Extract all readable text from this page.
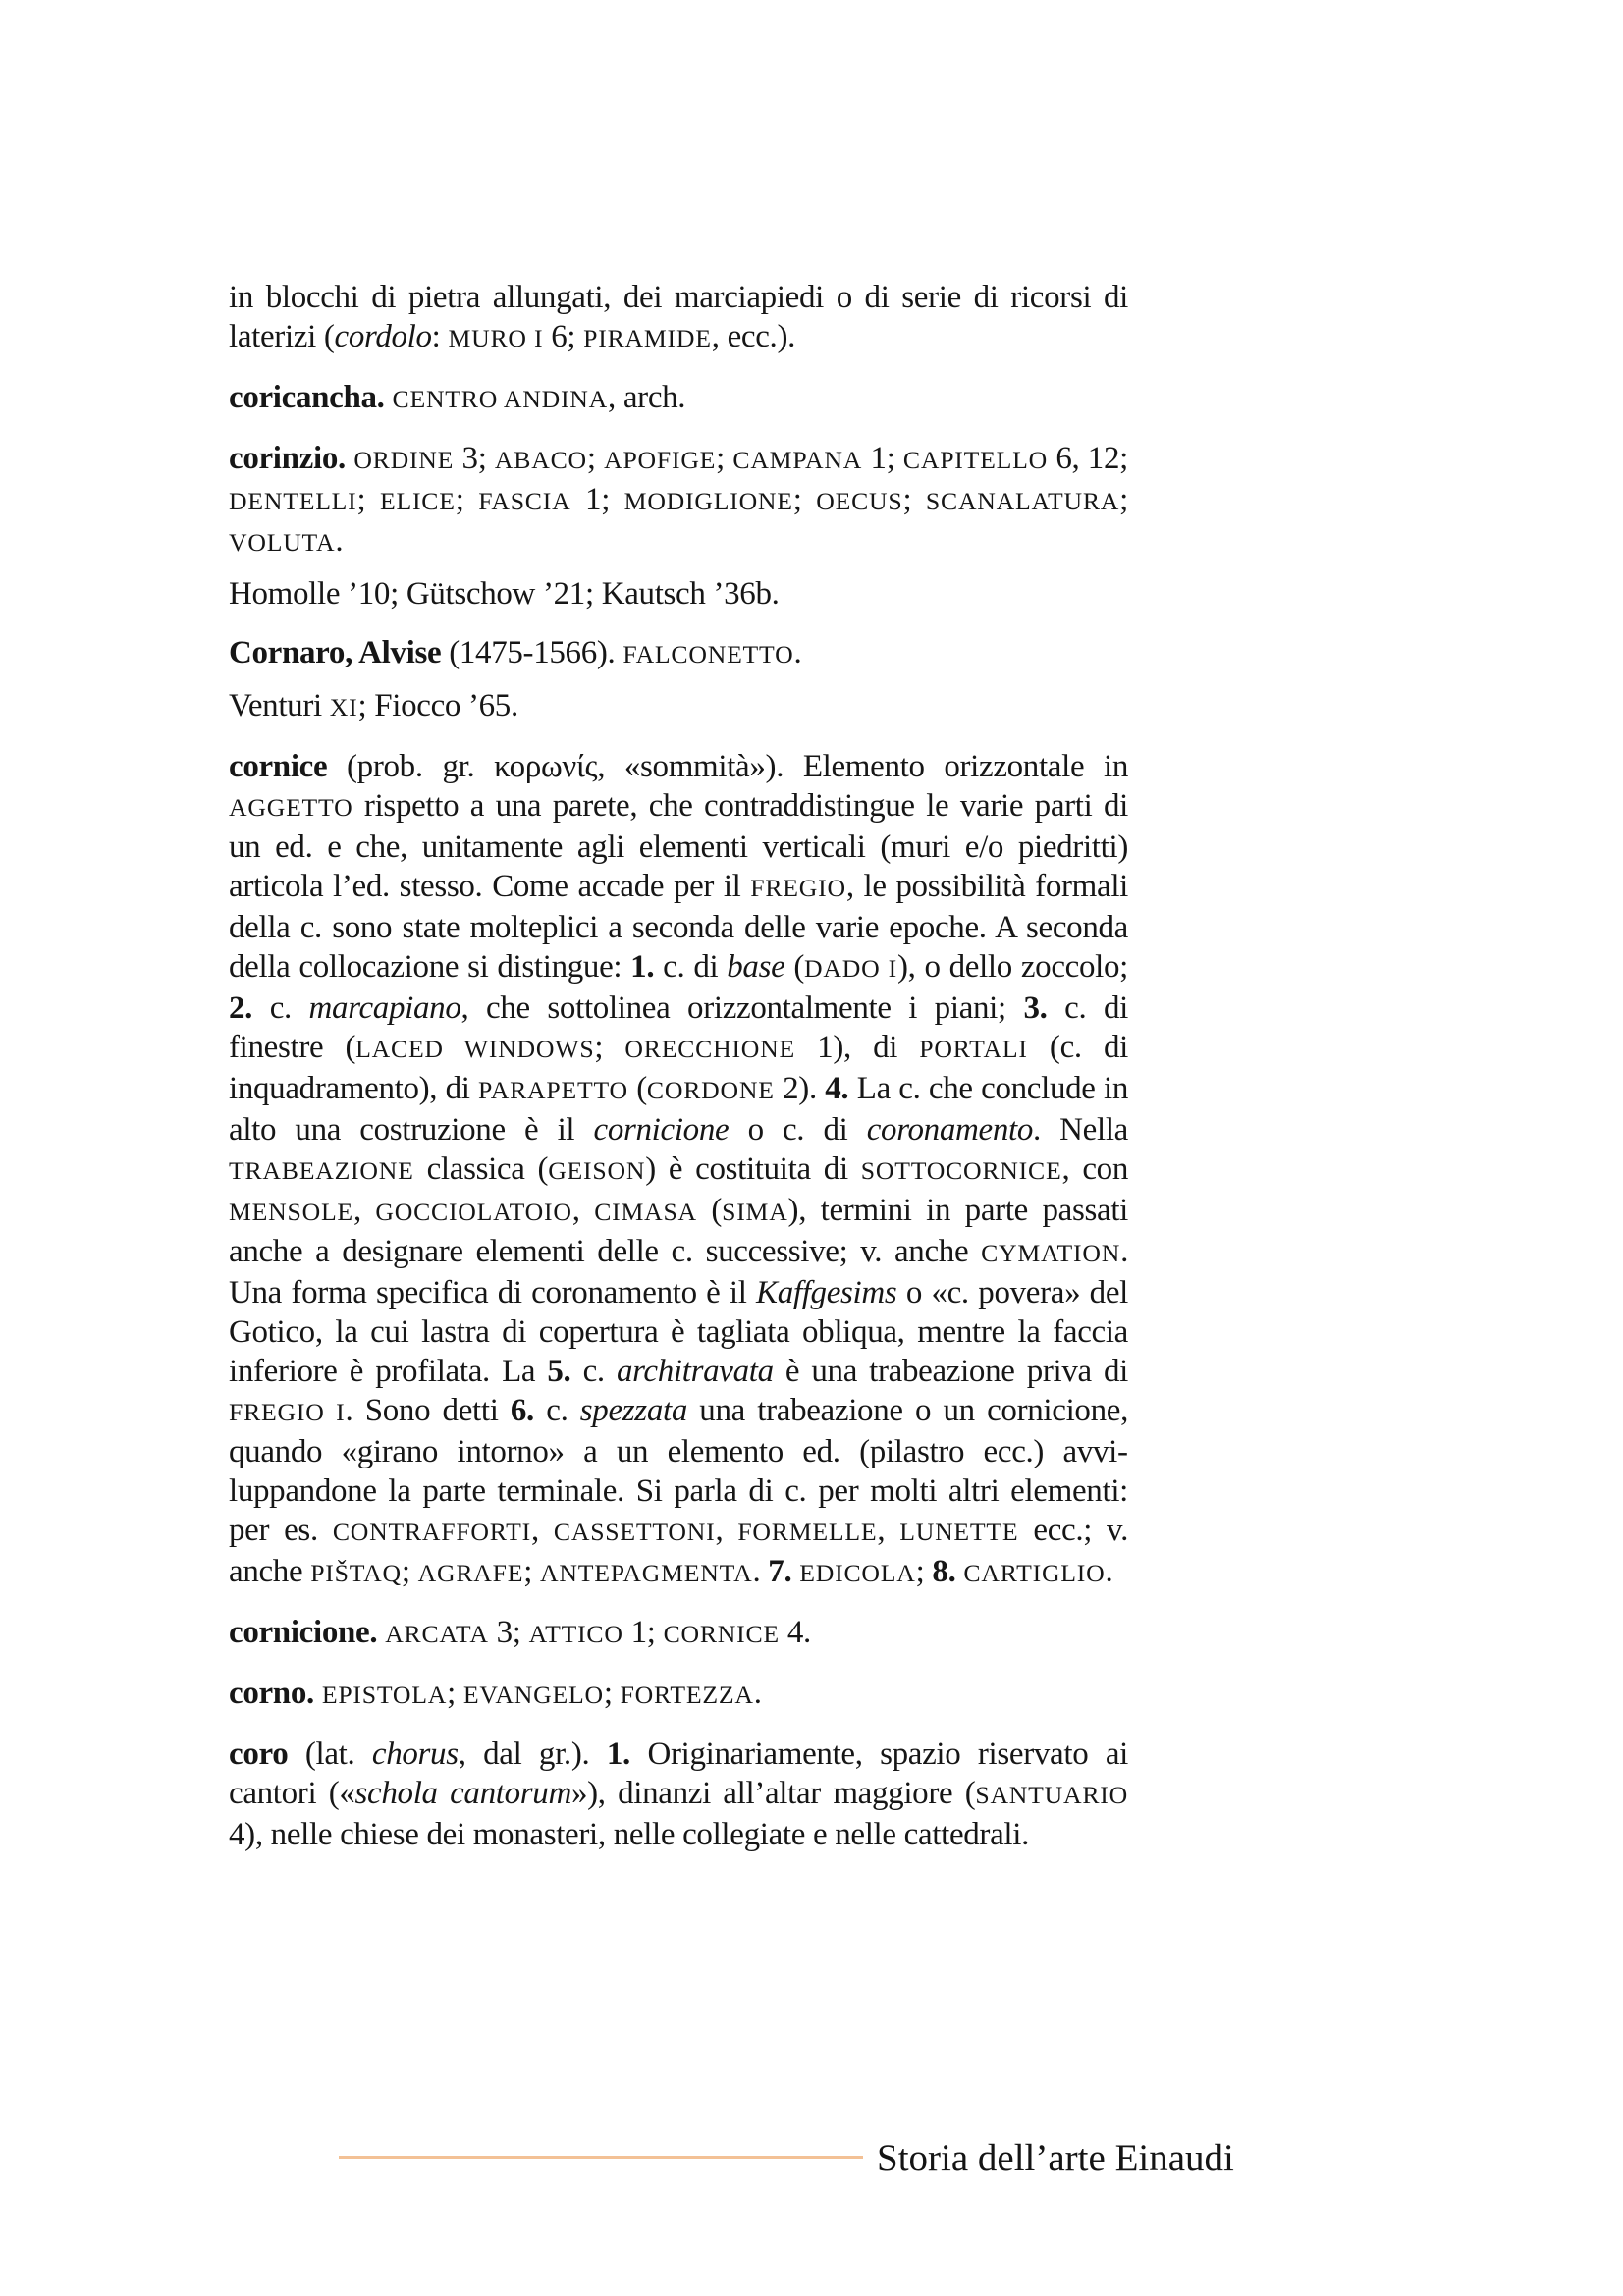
in blocchi di pietra allungati, dei marciapiedi o di serie di ricorsi di laterizi (cordolo: MURO I 6; PIRAMIDE, ecc.).

coricancha. CENTRO ANDINA, arch.

corinzio. ORDINE 3; ABACO; APOFIGE; CAMPANA 1; CAPITELLO 6, 12; DENTELLI; ELICE; FASCIA 1; MODIGLIONE; OECUS; SCANALATURA; VOLUTA.

Homolle ’10; Gütschow ’21; Kautsch ’36b.

Cornaro, Alvise (1475-1566). FALCONETTO.

Venturi XI; Fiocco ’65.

cornice (prob. gr. κορωνίς, «sommità»). Elemento orizzontale in AGGETTO rispetto a una parete, che contraddistingue le varie parti di un ed. e che, unitamente agli elementi verticali (muri e/o piedritti) articola l’ed. stesso. Come accade per il FREGIO, le possibilità formali della c. sono state molteplici a seconda delle varie epoche. A seconda della collocazione si distingue: 1. c. di base (DADO I), o dello zoccolo; 2. c. marcapiano, che sottolinea orizzontalmente i piani; 3. c. di finestre (LACED WINDOWS; ORECCHIONE 1), di PORTALI (c. di inquadramento), di PARAPETTO (CORDONE 2). 4. La c. che conclude in alto una costruzione è il cornicione o c. di coronamento. Nella TRABEAZIONE classica (GEISON) è costituita di SOTTOCORNICE, con MENSOLE, GOCCIOLATOIO, CIMASA (SIMA), termini in parte passati anche a designare elementi delle c. successive; v. anche CYMATION. Una forma specifica di coronamento è il Kaffgesims o «c. povera» del Gotico, la cui lastra di copertura è tagliata obliqua, mentre la faccia inferiore è profilata. La 5. c. architravata è una trabeazione priva di FREGIO I. Sono detti 6. c. spezzata una trabeazione o un cornicione, quando «girano intorno» a un elemento ed. (pilastro ecc.) avviluppandone la parte terminale. Si parla di c. per molti altri elementi: per es. CONTRAFFORTI, CASSETTONI, FORMELLE, LUNETTE ecc.; v. anche PIŠTAQ; AGRAFE; ANTEPAGMENTA. 7. EDICOLA; 8. CARTIGLIO.

cornicione. ARCATA 3; ATTICO 1; CORNICE 4.

corno. EPISTOLA; EVANGELO; FORTEZZA.

coro (lat. chorus, dal gr.). 1. Originariamente, spazio riservato ai cantori («schola cantorum»), dinanzi all’altar maggiore (SANTUARIO 4), nelle chiese dei monasteri, nelle collegiate e nelle cattedrali.

Storia dell’arte Einaudi
